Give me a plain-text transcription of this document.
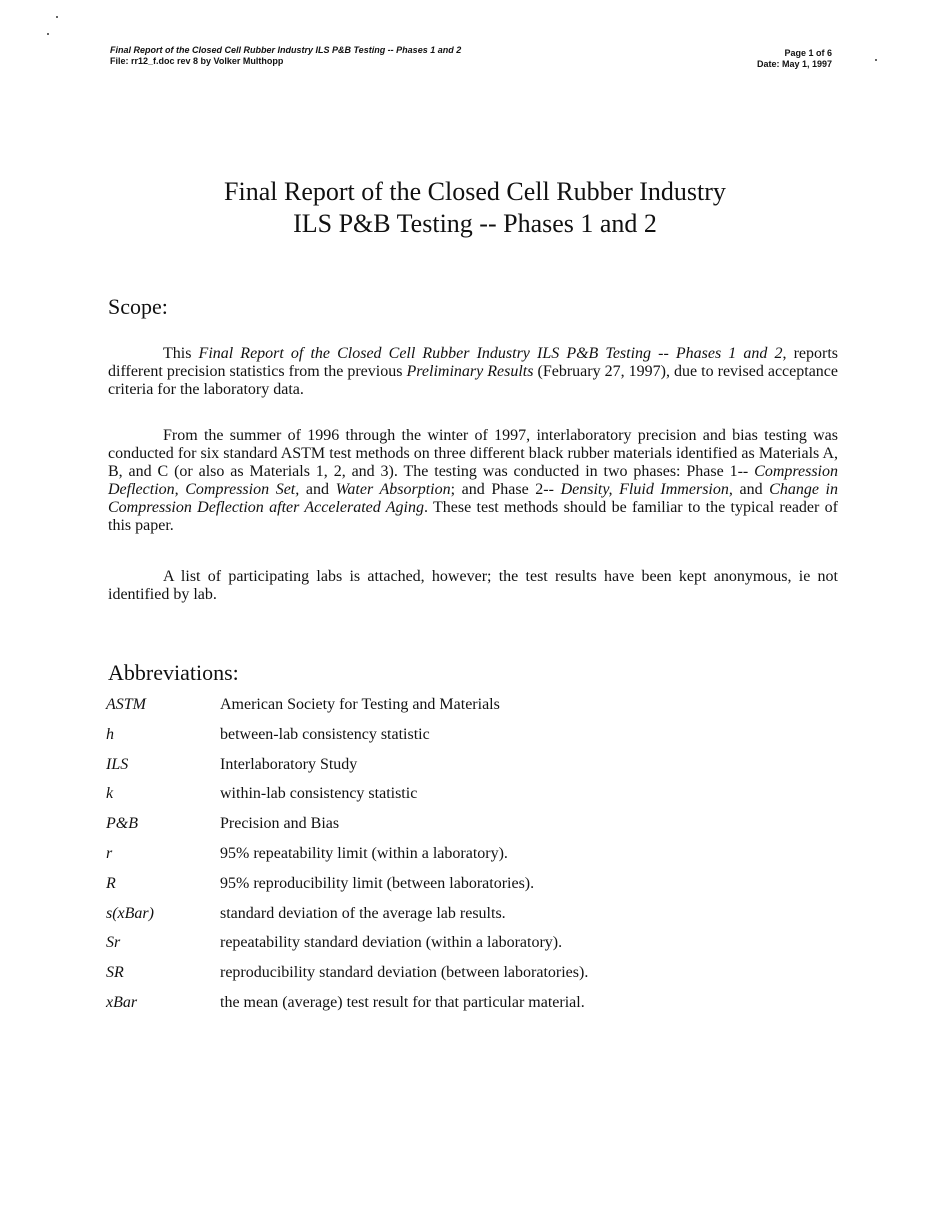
Final Report of the Closed Cell Rubber Industry ILS P&B Testing -- Phases 1 and 2
File: rr12_f.doc rev 8 by Volker Multhopp
Page 1 of 6
Date: May 1, 1997
Final Report of the Closed Cell Rubber Industry
ILS P&B Testing -- Phases 1 and 2
Scope:

This Final Report of the Closed Cell Rubber Industry ILS P&B Testing -- Phases 1 and 2, reports different precision statistics from the previous Preliminary Results (February 27, 1997), due to revised acceptance criteria for the laboratory data.

From the summer of 1996 through the winter of 1997, interlaboratory precision and bias testing was conducted for six standard ASTM test methods on three different black rubber materials identified as Materials A, B, and C (or also as Materials 1, 2, and 3). The testing was conducted in two phases: Phase 1-- Compression Deflection, Compression Set, and Water Absorption; and Phase 2-- Density, Fluid Immersion, and Change in Compression Deflection after Accelerated Aging. These test methods should be familiar to the typical reader of this paper.

A list of participating labs is attached, however; the test results have been kept anonymous, ie not identified by lab.

Abbreviations:
ASTM	American Society for Testing and Materials
h	between-lab consistency statistic
ILS	Interlaboratory Study
k	within-lab consistency statistic
P&B	Precision and Bias
r	95% repeatability limit (within a laboratory).
R	95% reproducibility limit (between laboratories).
s(xBar)	standard deviation of the average lab results.
Sr	repeatability standard deviation (within a laboratory).
SR	reproducibility standard deviation (between laboratories).
xBar	the mean (average) test result for that particular material.
